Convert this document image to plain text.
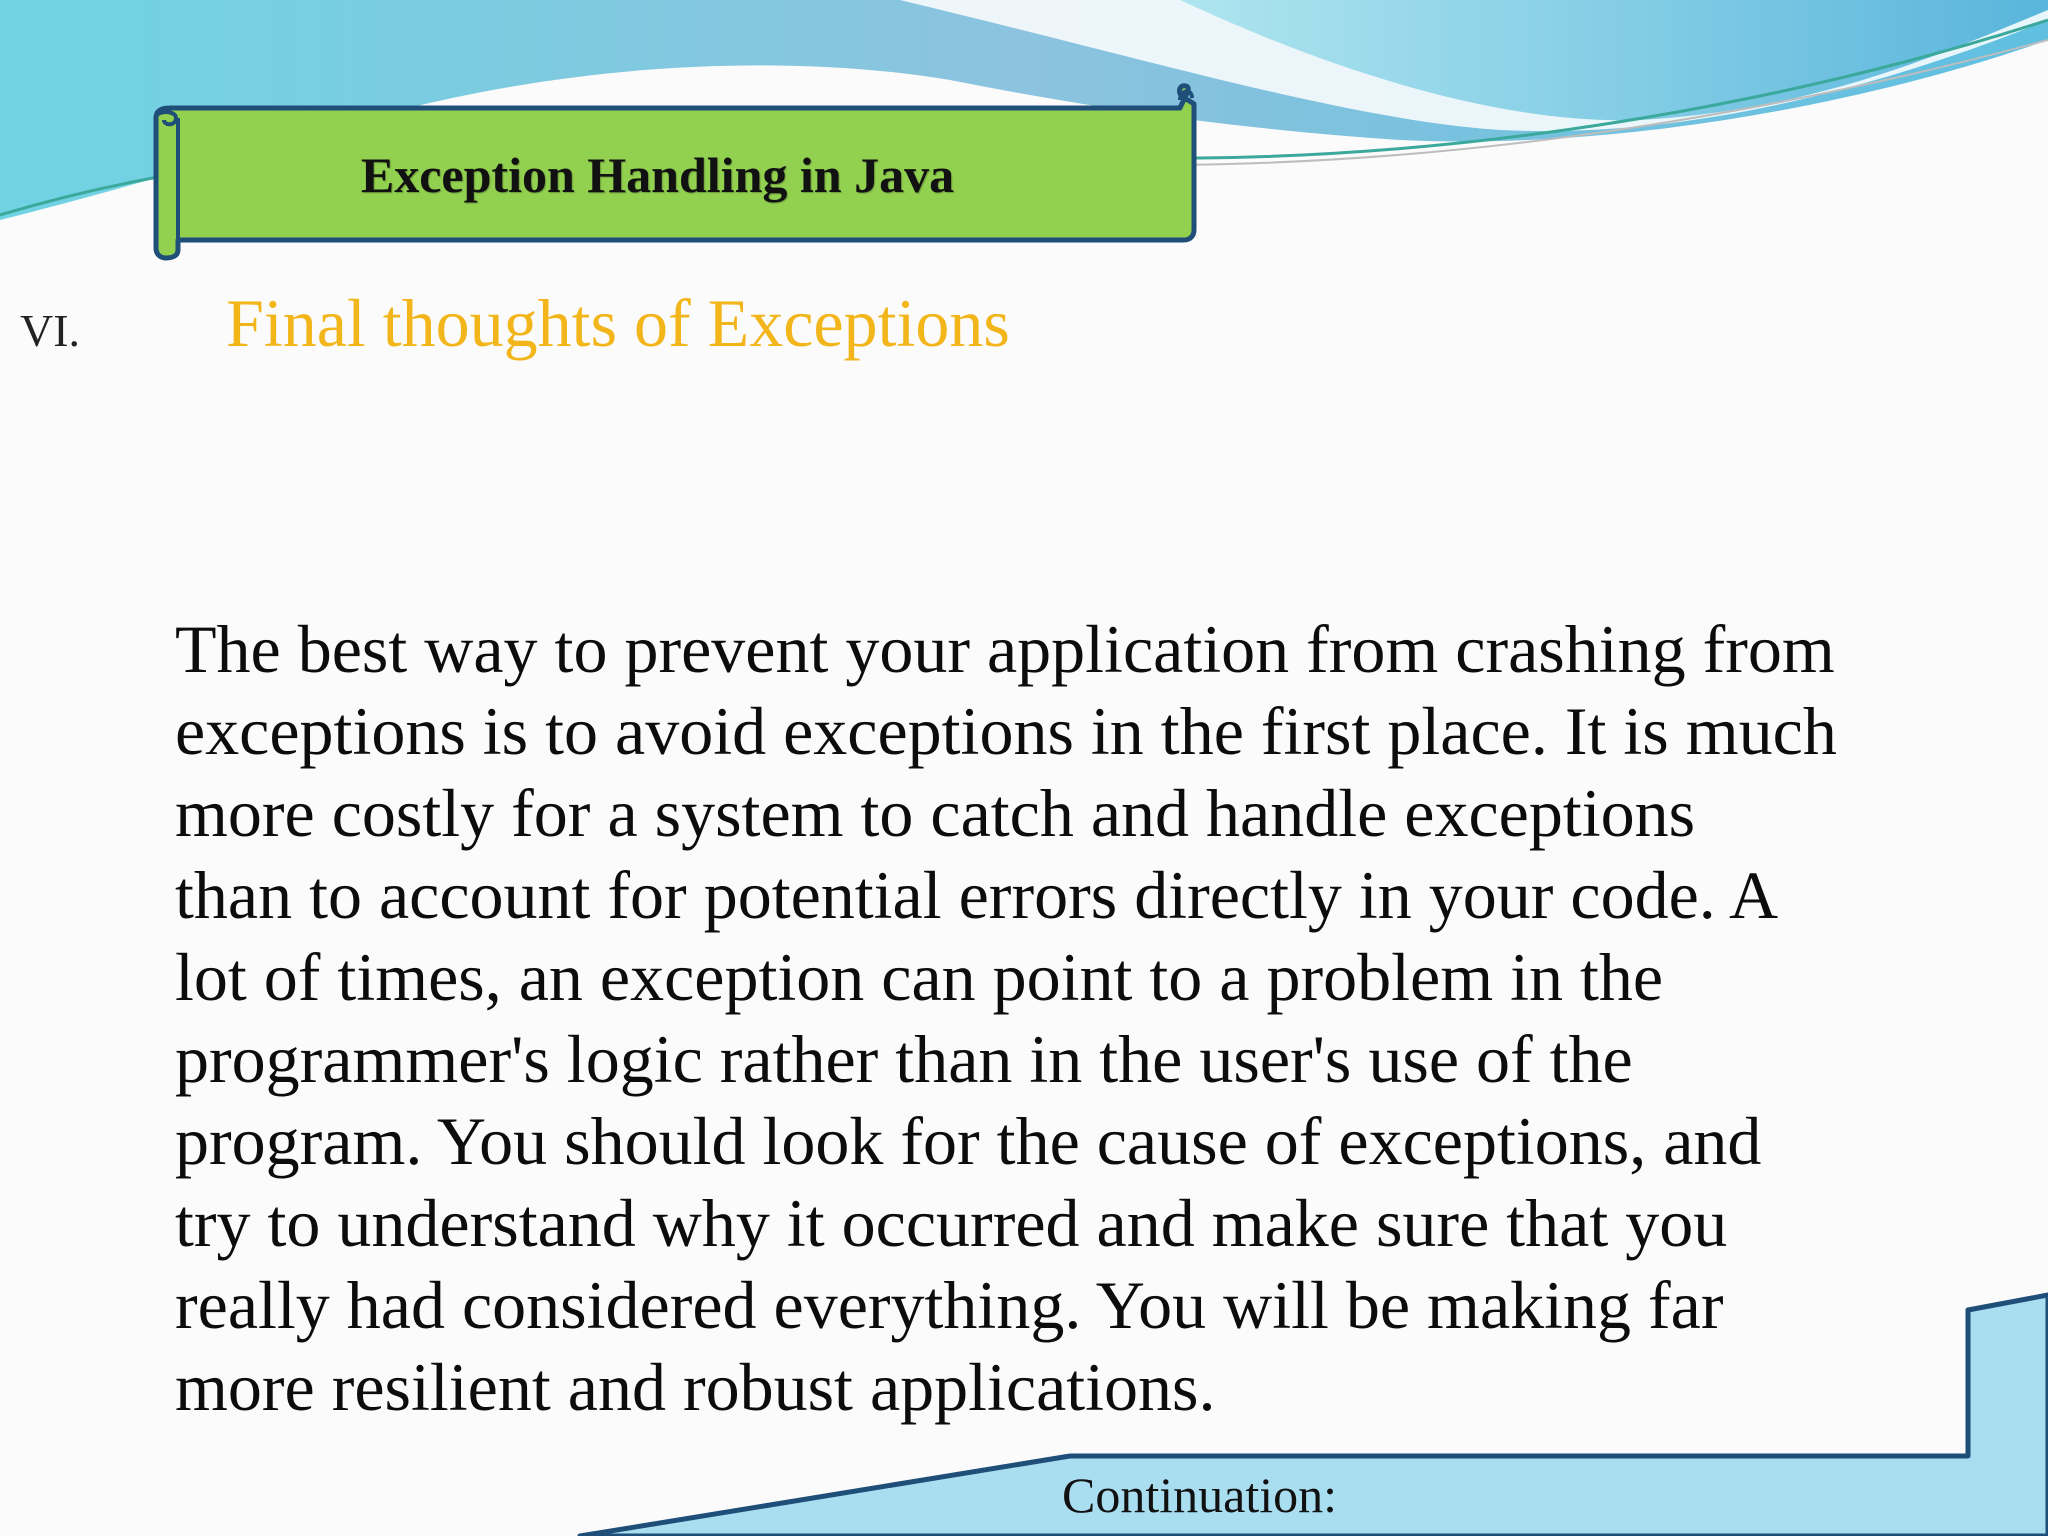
Exception Handling in Java
VI. Final thoughts of Exceptions
The best way to prevent your application from crashing from
exceptions is to avoid exceptions in the first place. It is much
more costly for a system to catch and handle exceptions
than to account for potential errors directly in your code. A
lot of times, an exception can point to a problem in the
programmer's logic rather than in the user's use of the
program. You should look for the cause of exceptions, and
try to understand why it occurred and make sure that you
really had considered everything. You will be making far
more resilient and robust applications.
Continuation:
